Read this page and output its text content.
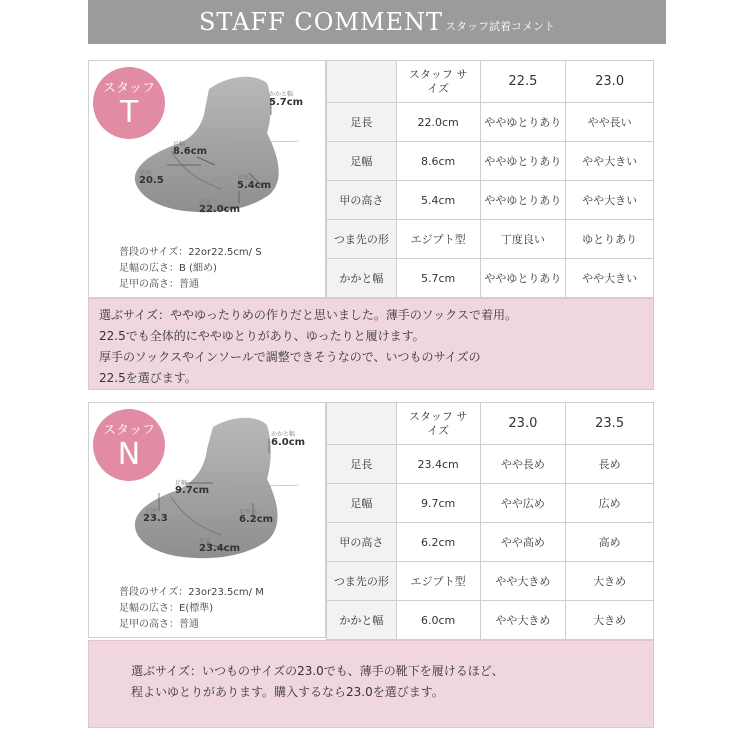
STAFF COMMENT スタッフ試着コメント
スタッフ
T
かかと幅
5.7cm
足幅
8.6cm
足囲
20.5	足甲高
5.4cm
足長
22.0cm

普段のサイズ：22or22.5cm/ S

足幅の広さ：B (細め)

足甲の高さ：普通

	スタッフ サイズ	22.5	23.0
足長	22.0cm	ややゆとりあり	やや長い
足幅	8.6cm	ややゆとりあり	やや大きい
甲の高さ	5.4cm	ややゆとりあり	やや大きい
つま先の形	エジプト型	丁度良い	ゆとりあり
かかと幅	5.7cm	ややゆとりあり	やや大きい

選ぶサイズ：ややゆったりめの作りだと思いました。薄手のソックスで着用。

22.5でも全体的にややゆとりがあり、ゆったりと履けます。

厚手のソックスやインソールで調整できそうなので、いつものサイズの

22.5を選びます。

スタッフ
N
かかと幅
6.0cm
足幅
9.7cm
足囲
23.3
足甲高
6.2cm
足長
23.4cm

普段のサイズ：23or23.5cm/ M

足幅の広さ：E(標準)

足甲の高さ：普通

	スタッフ サイズ	23.0	23.5
足長	23.4cm	やや長め	長め
足幅	9.7cm	やや広め	広め
甲の高さ	6.2cm	やや高め	高め
つま先の形	エジプト型	やや大きめ	大きめ
かかと幅	6.0cm	やや大きめ	大きめ

選ぶサイズ：いつものサイズの23.0でも、薄手の靴下を履けるほど、

程よいゆとりがあります。購入するなら23.0を選びます。
